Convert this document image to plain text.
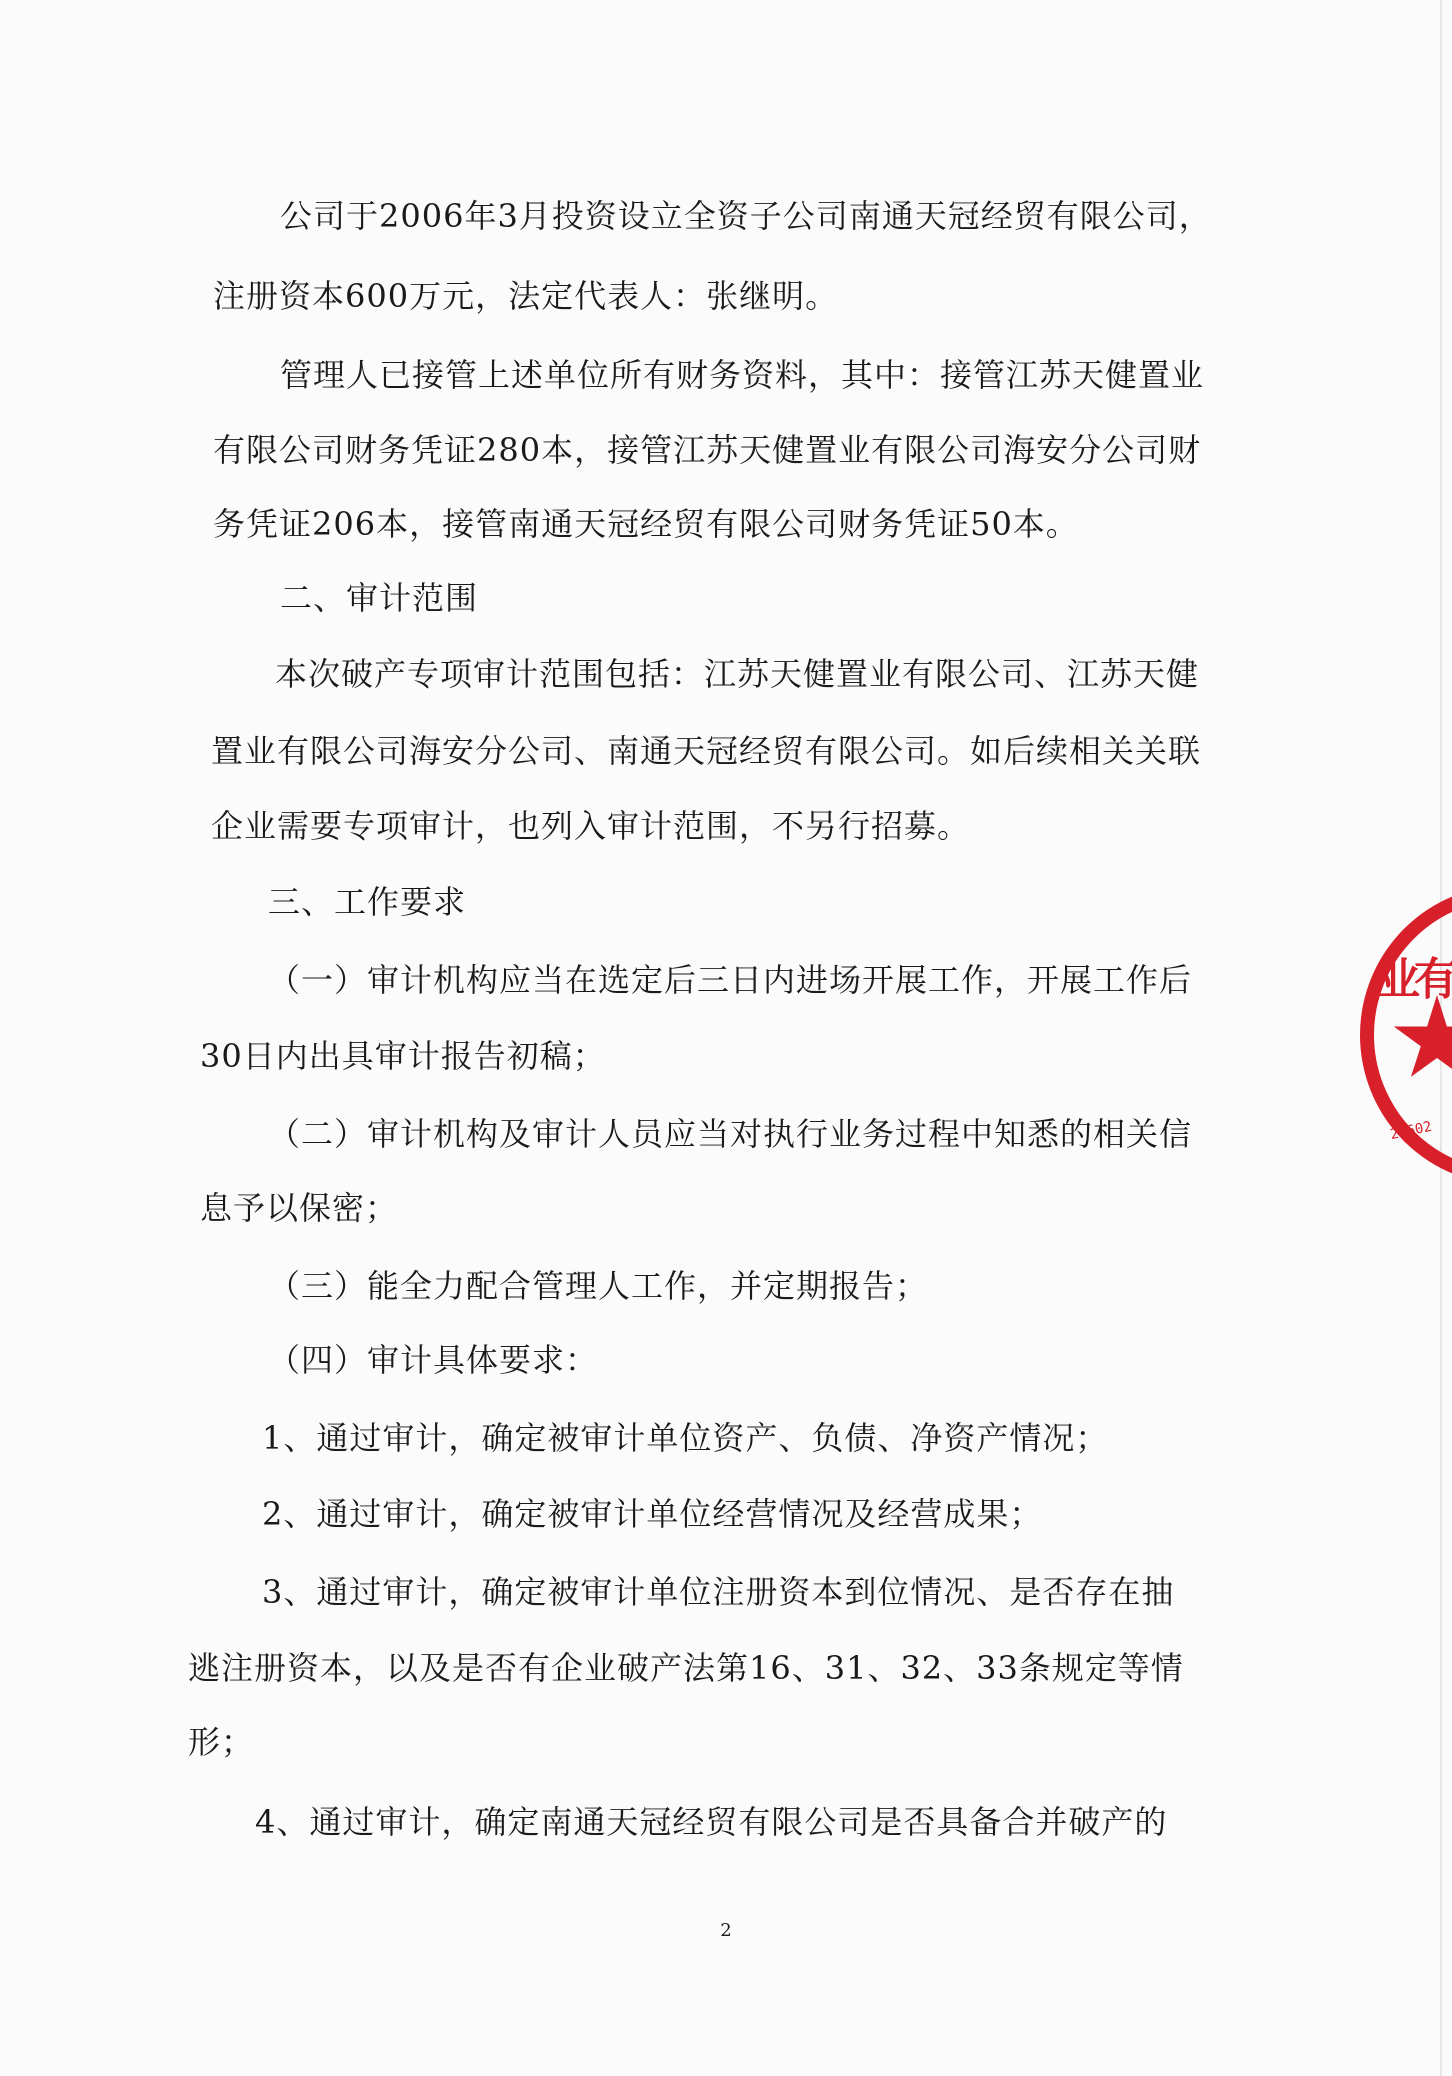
公司于2006年3月投资设立全资子公司南通天冠经贸有限公司，
注册资本600万元，法定代表人：张继明。
管理人已接管上述单位所有财务资料，其中：接管江苏天健置业
有限公司财务凭证280本，接管江苏天健置业有限公司海安分公司财
务凭证206本，接管南通天冠经贸有限公司财务凭证50本。
二、审计范围
本次破产专项审计范围包括：江苏天健置业有限公司、江苏天健
置业有限公司海安分公司、南通天冠经贸有限公司。如后续相关关联
企业需要专项审计，也列入审计范围，不另行招募。
三、工作要求
（一）审计机构应当在选定后三日内进场开展工作，开展工作后
30日内出具审计报告初稿；
（二）审计机构及审计人员应当对执行业务过程中知悉的相关信
息予以保密；
（三）能全力配合管理人工作，并定期报告；
（四）审计具体要求：
1、通过审计，确定被审计单位资产、负债、净资产情况；
2、通过审计，确定被审计单位经营情况及经营成果；
3、通过审计，确定被审计单位注册资本到位情况、是否存在抽
逃注册资本，以及是否有企业破产法第16、31、32、33条规定等情
形；
4、通过审计，确定南通天冠经贸有限公司是否具备合并破产的
2
业有
20602
